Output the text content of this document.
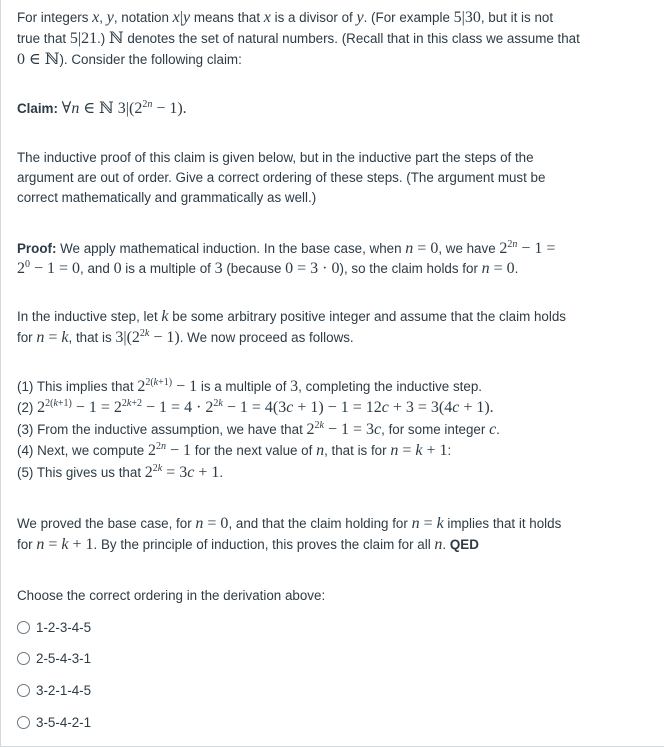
For integers x, y, notation x|y means that x is a divisor of y. (For example 5|30, but it is not
true that 5|21.) ℕ denotes the set of natural numbers. (Recall that in this class we assume that
0 ∈ ℕ). Consider the following claim:
Claim: ∀n ∈ ℕ $3|(2^{2n} - 1)$.
The inductive proof of this claim is given below, but in the inductive part the steps of the
argument are out of order. Give a correct ordering of these steps. (The argument must be
correct mathematically and grammatically as well.)
Proof: We apply mathematical induction. In the base case, when n = 0, we have $2^{2n} - 1$ =
$2^0 - 1 = 0$, and 0 is a multiple of 3 (because 0 = 3 · 0), so the claim holds for n = 0.
In the inductive step, let k be some arbitrary positive integer and assume that the claim holds
for n = k, that is $3|(2^{2k} - 1)$. We now proceed as follows.
(1) This implies that $2^{2(k+1)} - 1$ is a multiple of 3, completing the inductive step.
(2) $2^{2(k+1)} - 1 = 2^{2k+2} - 1 = 4 \cdot 2^{2k} - 1 = 4(3c + 1) - 1 = 12c + 3 = 3(4c + 1)$.
(3) From the inductive assumption, we have that $2^{2k} - 1 = 3c$, for some integer c.
(4) Next, we compute $2^{2n} - 1$ for the next value of n, that is for n = k + 1:
(5) This gives us that $2^{2k} = 3c + 1$.
We proved the base case, for n = 0, and that the claim holding for n = k implies that it holds
for n = k + 1. By the principle of induction, this proves the claim for all n. QED
Choose the correct ordering in the derivation above:
1-2-3-4-5
2-5-4-3-1
3-2-1-4-5
3-5-4-2-1
